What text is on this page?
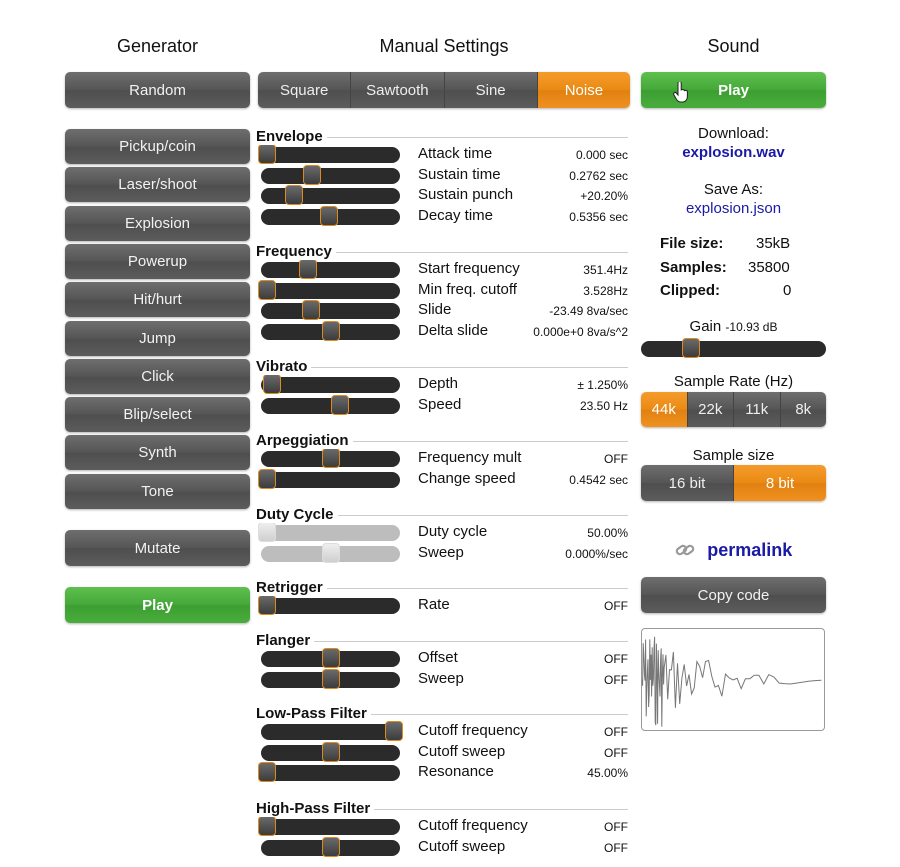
Generator	Manual Settings	Sound
Random
Pickup/coin
Laser/shoot
Explosion
Powerup
Hit/hurt
Jump
Click
Blip/select
Synth
Tone
Mutate
Play
Square	Sawtooth	Sine	Noise
Envelope
Attack time	0.000 sec
Sustain time	0.2762 sec
Sustain punch	+20.20%
Decay time	0.5356 sec
Frequency
Start frequency	351.4Hz
Min freq. cutoff	3.528Hz
Slide	-23.49 8va/sec
Delta slide	0.000e+0 8va/s^2
Vibrato
Depth	± 1.250%
Speed	23.50 Hz
Arpeggiation
Frequency mult	OFF
Change speed	0.4542 sec
Duty Cycle
Duty cycle	50.00%
Sweep	0.000%/sec
Retrigger
Rate	OFF
Flanger
Offset	OFF
Sweep	OFF
Low-Pass Filter
Cutoff frequency	OFF
Cutoff sweep	OFF
Resonance	45.00%
High-Pass Filter
Cutoff frequency	OFF
Cutoff sweep	OFF
Play
Download:
explosion.wav
Save As:
explosion.json
File size: 35kB
Samples: 35800
Clipped:	0
Gain -10.93 dB
Sample Rate (Hz)
44k	22k	11k	8k
Sample size
16 bit	8 bit
permalink
Copy code
